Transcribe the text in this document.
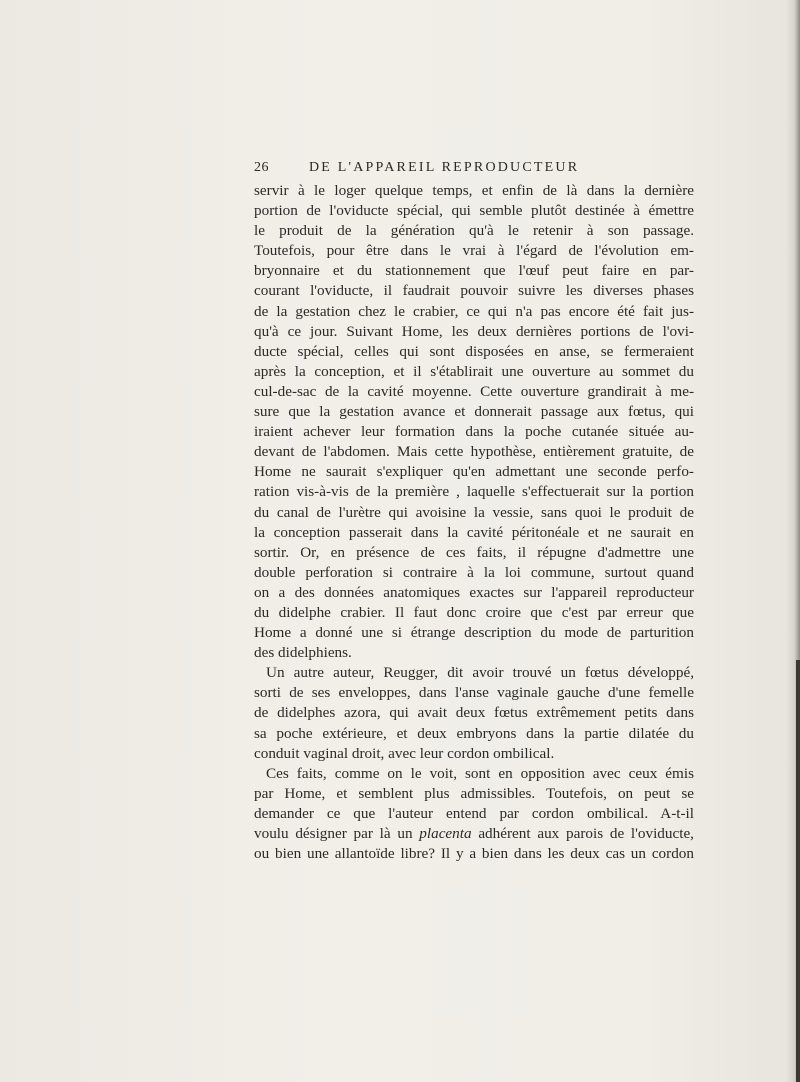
26	DE L'APPAREIL REPRODUCTEUR
servir à le loger quelque temps, et enfin de là dans la dernière
portion de l'oviducte spécial, qui semble plutôt destinée à émettre
le produit de la génération qu'à le retenir à son passage.
Toutefois, pour être dans le vrai à l'égard de l'évolution em-
bryonnaire et du stationnement que l'œuf peut faire en par-
courant l'oviducte, il faudrait pouvoir suivre les diverses phases
de la gestation chez le crabier, ce qui n'a pas encore été fait jus-
qu'à ce jour. Suivant Home, les deux dernières portions de l'ovi-
ducte spécial, celles qui sont disposées en anse, se fermeraient
après la conception, et il s'établirait une ouverture au sommet du
cul-de-sac de la cavité moyenne. Cette ouverture grandirait à me-
sure que la gestation avance et donnerait passage aux fœtus, qui
iraient achever leur formation dans la poche cutanée située au-
devant de l'abdomen. Mais cette hypothèse, entièrement gratuite, de
Home ne saurait s'expliquer qu'en admettant une seconde perfo-
ration vis-à-vis de la première , laquelle s'effectuerait sur la portion
du canal de l'urètre qui avoisine la vessie, sans quoi le produit de
la conception passerait dans la cavité péritonéale et ne saurait en
sortir. Or, en présence de ces faits, il répugne d'admettre une
double perforation si contraire à la loi commune, surtout quand
on a des données anatomiques exactes sur l'appareil reproducteur
du didelphe crabier. Il faut donc croire que c'est par erreur que
Home a donné une si étrange description du mode de parturition
des didelphiens.
Un autre auteur, Reugger, dit avoir trouvé un fœtus développé,
sorti de ses enveloppes, dans l'anse vaginale gauche d'une femelle
de didelphes azora, qui avait deux fœtus extrêmement petits dans
sa poche extérieure, et deux embryons dans la partie dilatée du
conduit vaginal droit, avec leur cordon ombilical.
Ces faits, comme on le voit, sont en opposition avec ceux émis
par Home, et semblent plus admissibles. Toutefois, on peut se
demander ce que l'auteur entend par cordon ombilical. A-t-il
voulu désigner par là un placenta adhérent aux parois de l'oviducte,
ou bien une allantoïde libre? Il y a bien dans les deux cas un cordon
